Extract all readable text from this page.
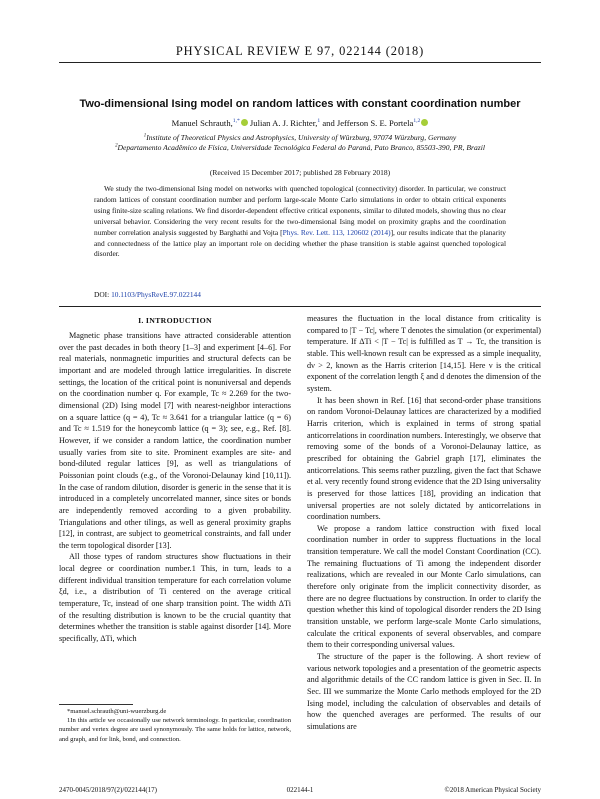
PHYSICAL REVIEW E 97, 022144 (2018)
Two-dimensional Ising model on random lattices with constant coordination number
Manuel Schrauth,$^{1,*}$ Julian A. J. Richter,$^1$ and Jefferson S. E. Portela$^{1,2}$
$^1$Institute of Theoretical Physics and Astrophysics, University of Würzburg, 97074 Würzburg, Germany
$^2$Departamento Acadêmico de Física, Universidade Tecnológica Federal do Paraná, Pato Branco, 85503-390, PR, Brazil
(Received 15 December 2017; published 28 February 2018)
We study the two-dimensional Ising model on networks with quenched topological (connectivity) disorder. In particular, we construct random lattices of constant coordination number and perform large-scale Monte Carlo simulations in order to obtain critical exponents using finite-size scaling relations. We find disorder-dependent effective critical exponents, similar to diluted models, showing thus no clear universal behavior. Considering the very recent results for the two-dimensional Ising model on proximity graphs and the coordination number correlation analysis suggested by Barghathi and Vojta [Phys. Rev. Lett. 113, 120602 (2014)], our results indicate that the planarity and connectedness of the lattice play an important role on deciding whether the phase transition is stable against quenched topological disorder.
DOI: 10.1103/PhysRevE.97.022144
I. INTRODUCTION

Magnetic phase transitions have attracted considerable attention over the past decades in both theory [1–3] and experiment [4–6]. For real materials, nonmagnetic impurities and structural defects can be important and are modeled through lattice irregularities. In discrete settings, the location of the critical point is nonuniversal and depends on the coordination number q. For example, Tc ≈ 2.269 for the two-dimensional (2D) Ising model [7] with nearest-neighbor interactions on a square lattice (q = 4), Tc ≈ 3.641 for a triangular lattice (q = 6) and Tc ≈ 1.519 for the honeycomb lattice (q = 3); see, e.g., Ref. [8]. However, if we consider a random lattice, the coordination number usually varies from site to site. Prominent examples are site- and bond-diluted regular lattices [9], as well as triangulations of Poissonian point clouds (e.g., of the Voronoi-Delaunay kind [10,11]). In the case of random dilution, disorder is generic in the sense that it is introduced in a completely uncorrelated manner, since sites or bonds are independently removed according to a given probability. Triangulations and other tilings, as well as general proximity graphs [12], in contrast, are subject to geometrical constraints, and fall under the term topological disorder [13].

All those types of random structures show fluctuations in their local degree or coordination number.1 This, in turn, leads to a different individual transition temperature for each correlation volume ξd, i.e., a distribution of Ti centered on the average critical temperature, Tc, instead of one sharp transition point. The width ΔTi of the resulting distribution is known to be the crucial quantity that determines whether the transition is stable against disorder [14]. More specifically, ΔTi, which

measures the fluctuation in the local distance from criticality is compared to |T − Tc|, where T denotes the simulation (or experimental) temperature. If ΔTi < |T − Tc| is fulfilled as T → Tc, the transition is stable. This well-known result can be expressed as a simple inequality, dν > 2, known as the Harris criterion [14,15]. Here ν is the critical exponent of the correlation length ξ and d denotes the dimension of the system.

It has been shown in Ref. [16] that second-order phase transitions on random Voronoi-Delaunay lattices are characterized by a modified Harris criterion, which is explained in terms of strong spatial anticorrelations in coordination numbers. Interestingly, we observe that removing some of the bonds of a Voronoi-Delaunay lattice, as prescribed for obtaining the Gabriel graph [17], eliminates the anticorrelations. This seems rather puzzling, given the fact that Schawe et al. very recently found strong evidence that the 2D Ising universality is preserved for those lattices [18], providing an indication that universal properties are not solely dictated by anticorrelations in coordination numbers.

We propose a random lattice construction with fixed local coordination number in order to suppress fluctuations in the local transition temperature. We call the model Constant Coordination (CC). The remaining fluctuations of Ti among the independent disorder realizations, which are revealed in our Monte Carlo simulations, can therefore only originate from the implicit connectivity disorder, as there are no degree fluctuations by construction. In order to clarify the question whether this kind of topological disorder renders the 2D Ising transition unstable, we perform large-scale Monte Carlo simulations, calculate the critical exponents of several observables, and compare them to their corresponding universal values.

The structure of the paper is the following. A short review of various network topologies and a presentation of the geometric aspects and algorithmic details of the CC random lattice is given in Sec. II. In Sec. III we summarize the Monte Carlo methods employed for the 2D Ising model, including the calculation of observables and details of how the quenched averages are performed. The results of our simulations are

*manuel.schrauth@uni-wuerzburg.de

1In this article we occasionally use network terminology. In particular, coordination number and vertex degree are used synonymously. The same holds for lattice, network, and graph, and for link, bond, and connection.

2470-0045/2018/97(2)/022144(17)	022144-1	©2018 American Physical Society
